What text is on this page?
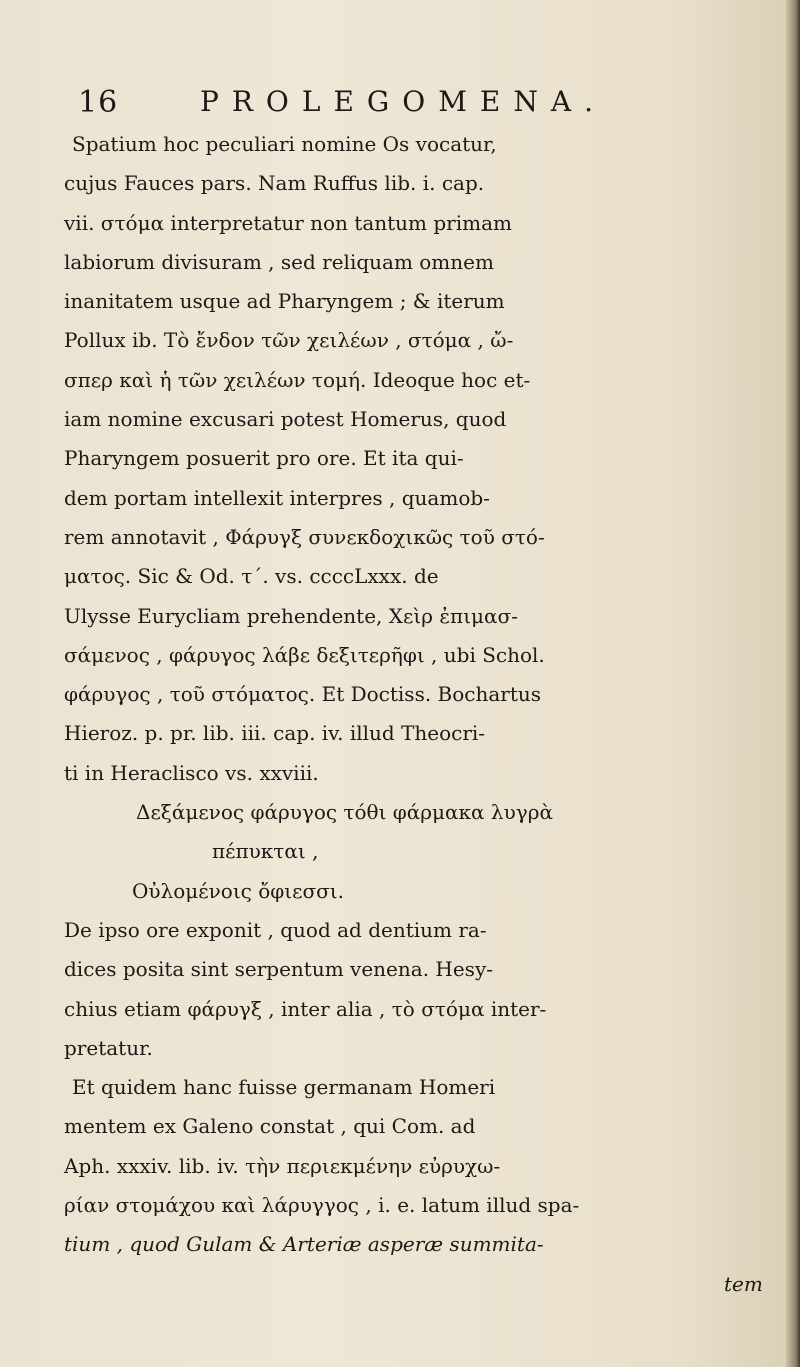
16	PROLEGOMENA.
Spatium hoc peculiari nomine Os vocatur,
cujus Fauces pars. Nam Ruffus lib. i. cap.
vii. στόμα interpretatur non tantum primam
labiorum divisuram , sed reliquam omnem
inanitatem usque ad Pharyngem ; & iterum
Pollux ib. Τὸ ἔνδον τῶν χειλέων , στόμα , ὤ-
σπερ καὶ ἡ τῶν χειλέων τομή. Ideoque hoc et-
iam nomine excusari potest Homerus, quod
Pharyngem posuerit pro ore. Et ita qui-
dem portam intellexit interpres , quamob-
rem annotavit , Φάρυγξ συνεκδοχικῶς τοῦ στό-
ματος. Sic & Od. τ΄. vs. ccccLxxx. de
Ulysse Eurycliam prehendente, Χεὶρ ἐπιμασ-
σάμενος , φάρυγος λάβε δεξιτερῆφι , ubi Schol.
φάρυγος , τοῦ στόματος. Et Doctiss. Bochartus
Hieroz. p. pr. lib. iii. cap. iv. illud Theocri-
ti in Heraclisco vs. xxviii.
Δεξάμενος φάρυγος τόθι φάρμακα λυγρὰ
πέπυκται ,
Οὐλομένοις ὄφιεσσι.
De ipso ore exponit , quod ad dentium ra-
dices posita sint serpentum venena. Hesy-
chius etiam φάρυγξ , inter alia , τὸ στόμα inter-
pretatur.
Et quidem hanc fuisse germanam Homeri
mentem ex Galeno constat , qui Com. ad
Aph. xxxiv. lib. iv. τὴν περιεκμένην εὐρυχω-
ρίαν στομάχου καὶ λάρυγγος , i. e. latum illud spa-
tium , quod Gulam & Arteriæ asperæ summita-
tem
